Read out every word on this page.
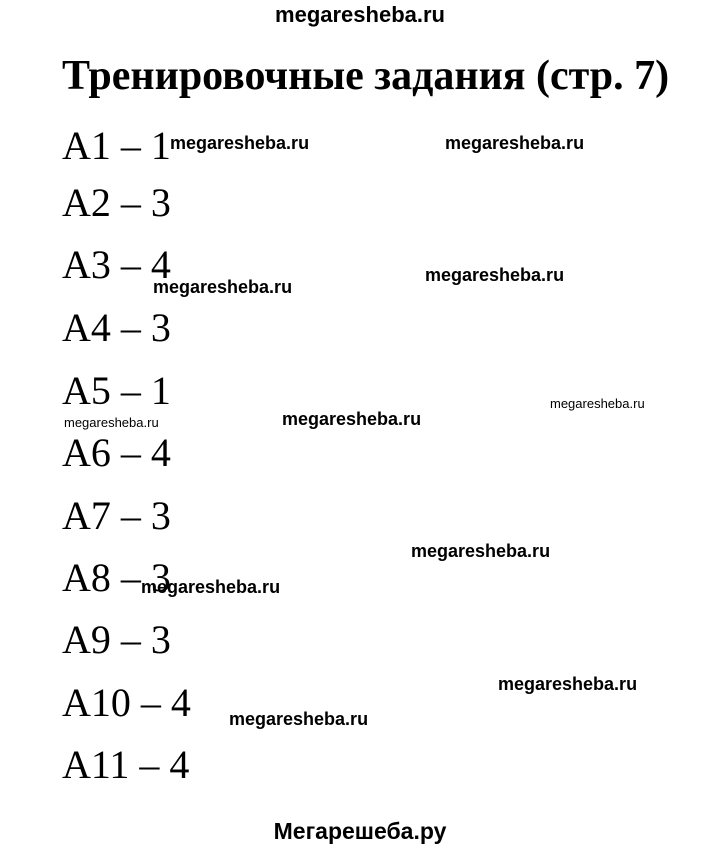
megaresheba.ru
Тренировочные задания (стр. 7)
A1 – 1
A2 – 3
A3 – 4
A4 – 3
A5 – 1
A6 – 4
A7 – 3
A8 – 3
A9 – 3
A10 – 4
A11 – 4
megaresheba.ru	megaresheba.ru
megaresheba.ru
megaresheba.ru
megaresheba.ru
megaresheba.ru
megaresheba.ru
megaresheba.ru
megaresheba.ru
megaresheba.ru
megaresheba.ru
Мегарешеба.ру
